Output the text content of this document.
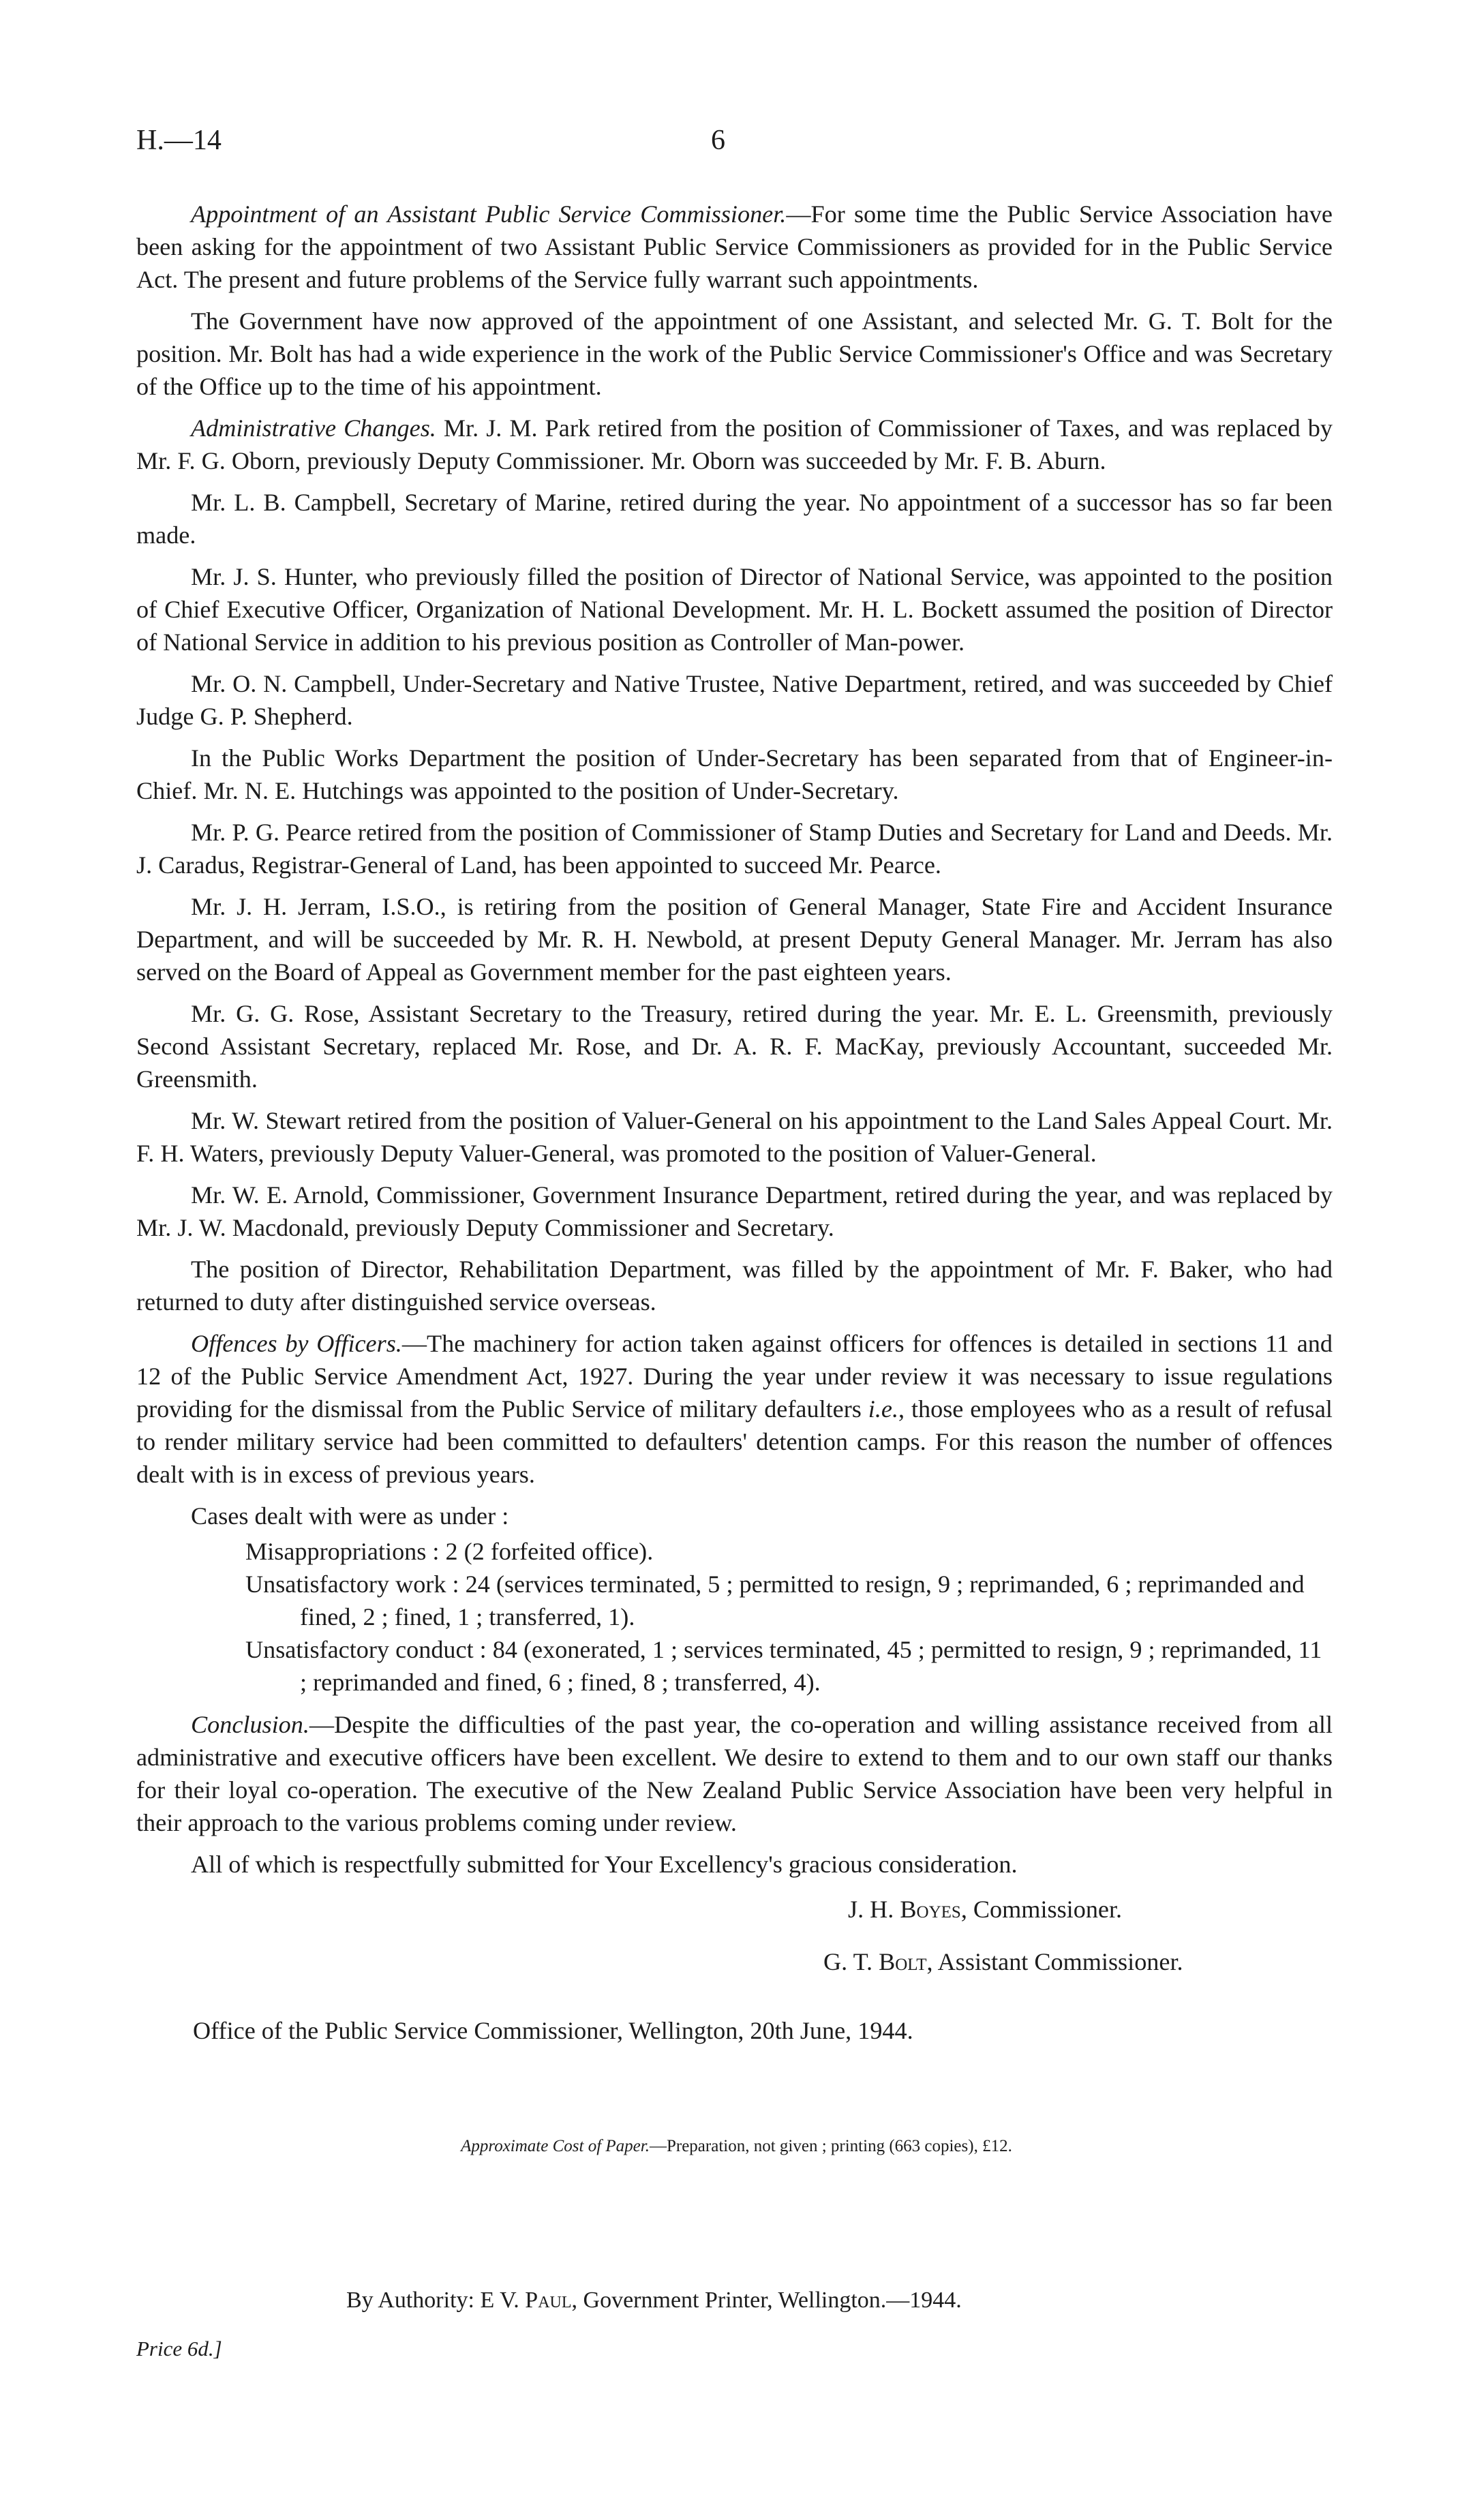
H.—14	6

Appointment of an Assistant Public Service Commissioner.—For some time the Public Service Association have been asking for the appointment of two Assistant Public Service Commissioners as provided for in the Public Service Act. The present and future problems of the Service fully warrant such appointments.

The Government have now approved of the appointment of one Assistant, and selected Mr. G. T. Bolt for the position. Mr. Bolt has had a wide experience in the work of the Public Service Commissioner's Office and was Secretary of the Office up to the time of his appointment.

Administrative Changes. Mr. J. M. Park retired from the position of Commissioner of Taxes, and was replaced by Mr. F. G. Oborn, previously Deputy Commissioner. Mr. Oborn was succeeded by Mr. F. B. Aburn.

Mr. L. B. Campbell, Secretary of Marine, retired during the year. No appointment of a successor has so far been made.

Mr. J. S. Hunter, who previously filled the position of Director of National Service, was appointed to the position of Chief Executive Officer, Organization of National Development. Mr. H. L. Bockett assumed the position of Director of National Service in addition to his previous position as Controller of Man-power.

Mr. O. N. Campbell, Under-Secretary and Native Trustee, Native Department, retired, and was succeeded by Chief Judge G. P. Shepherd.

In the Public Works Department the position of Under-Secretary has been separated from that of Engineer-in-Chief. Mr. N. E. Hutchings was appointed to the position of Under-Secretary.

Mr. P. G. Pearce retired from the position of Commissioner of Stamp Duties and Secretary for Land and Deeds. Mr. J. Caradus, Registrar-General of Land, has been appointed to succeed Mr. Pearce.

Mr. J. H. Jerram, I.S.O., is retiring from the position of General Manager, State Fire and Accident Insurance Department, and will be succeeded by Mr. R. H. Newbold, at present Deputy General Manager. Mr. Jerram has also served on the Board of Appeal as Government member for the past eighteen years.

Mr. G. G. Rose, Assistant Secretary to the Treasury, retired during the year. Mr. E. L. Greensmith, previously Second Assistant Secretary, replaced Mr. Rose, and Dr. A. R. F. MacKay, previously Accountant, succeeded Mr. Greensmith.

Mr. W. Stewart retired from the position of Valuer-General on his appointment to the Land Sales Appeal Court. Mr. F. H. Waters, previously Deputy Valuer-General, was promoted to the position of Valuer-General.

Mr. W. E. Arnold, Commissioner, Government Insurance Department, retired during the year, and was replaced by Mr. J. W. Macdonald, previously Deputy Commissioner and Secretary.

The position of Director, Rehabilitation Department, was filled by the appointment of Mr. F. Baker, who had returned to duty after distinguished service overseas.

Offences by Officers.—The machinery for action taken against officers for offences is detailed in sections 11 and 12 of the Public Service Amendment Act, 1927. During the year under review it was necessary to issue regulations providing for the dismissal from the Public Service of military defaulters i.e., those employees who as a result of refusal to render military service had been committed to defaulters' detention camps. For this reason the number of offences dealt with is in excess of previous years.

Cases dealt with were as under :
Misappropriations : 2 (2 forfeited office).
Unsatisfactory work : 24 (services terminated, 5 ; permitted to resign, 9 ; reprimanded, 6 ; reprimanded and fined, 2 ; fined, 1 ; transferred, 1).
Unsatisfactory conduct : 84 (exonerated, 1 ; services terminated, 45 ; permitted to resign, 9 ; reprimanded, 11 ; reprimanded and fined, 6 ; fined, 8 ; transferred, 4).

Conclusion.—Despite the difficulties of the past year, the co-operation and willing assistance received from all administrative and executive officers have been excellent. We desire to extend to them and to our own staff our thanks for their loyal co-operation. The executive of the New Zealand Public Service Association have been very helpful in their approach to the various problems coming under review.

All of which is respectfully submitted for Your Excellency's gracious consideration.

J. H. Boyes, Commissioner.
G. T. Bolt, Assistant Commissioner.
Office of the Public Service Commissioner, Wellington, 20th June, 1944.
Approximate Cost of Paper.—Preparation, not given ; printing (663 copies), £12.
By Authority: E V. Paul, Government Printer, Wellington.—1944.
Price 6d.]
